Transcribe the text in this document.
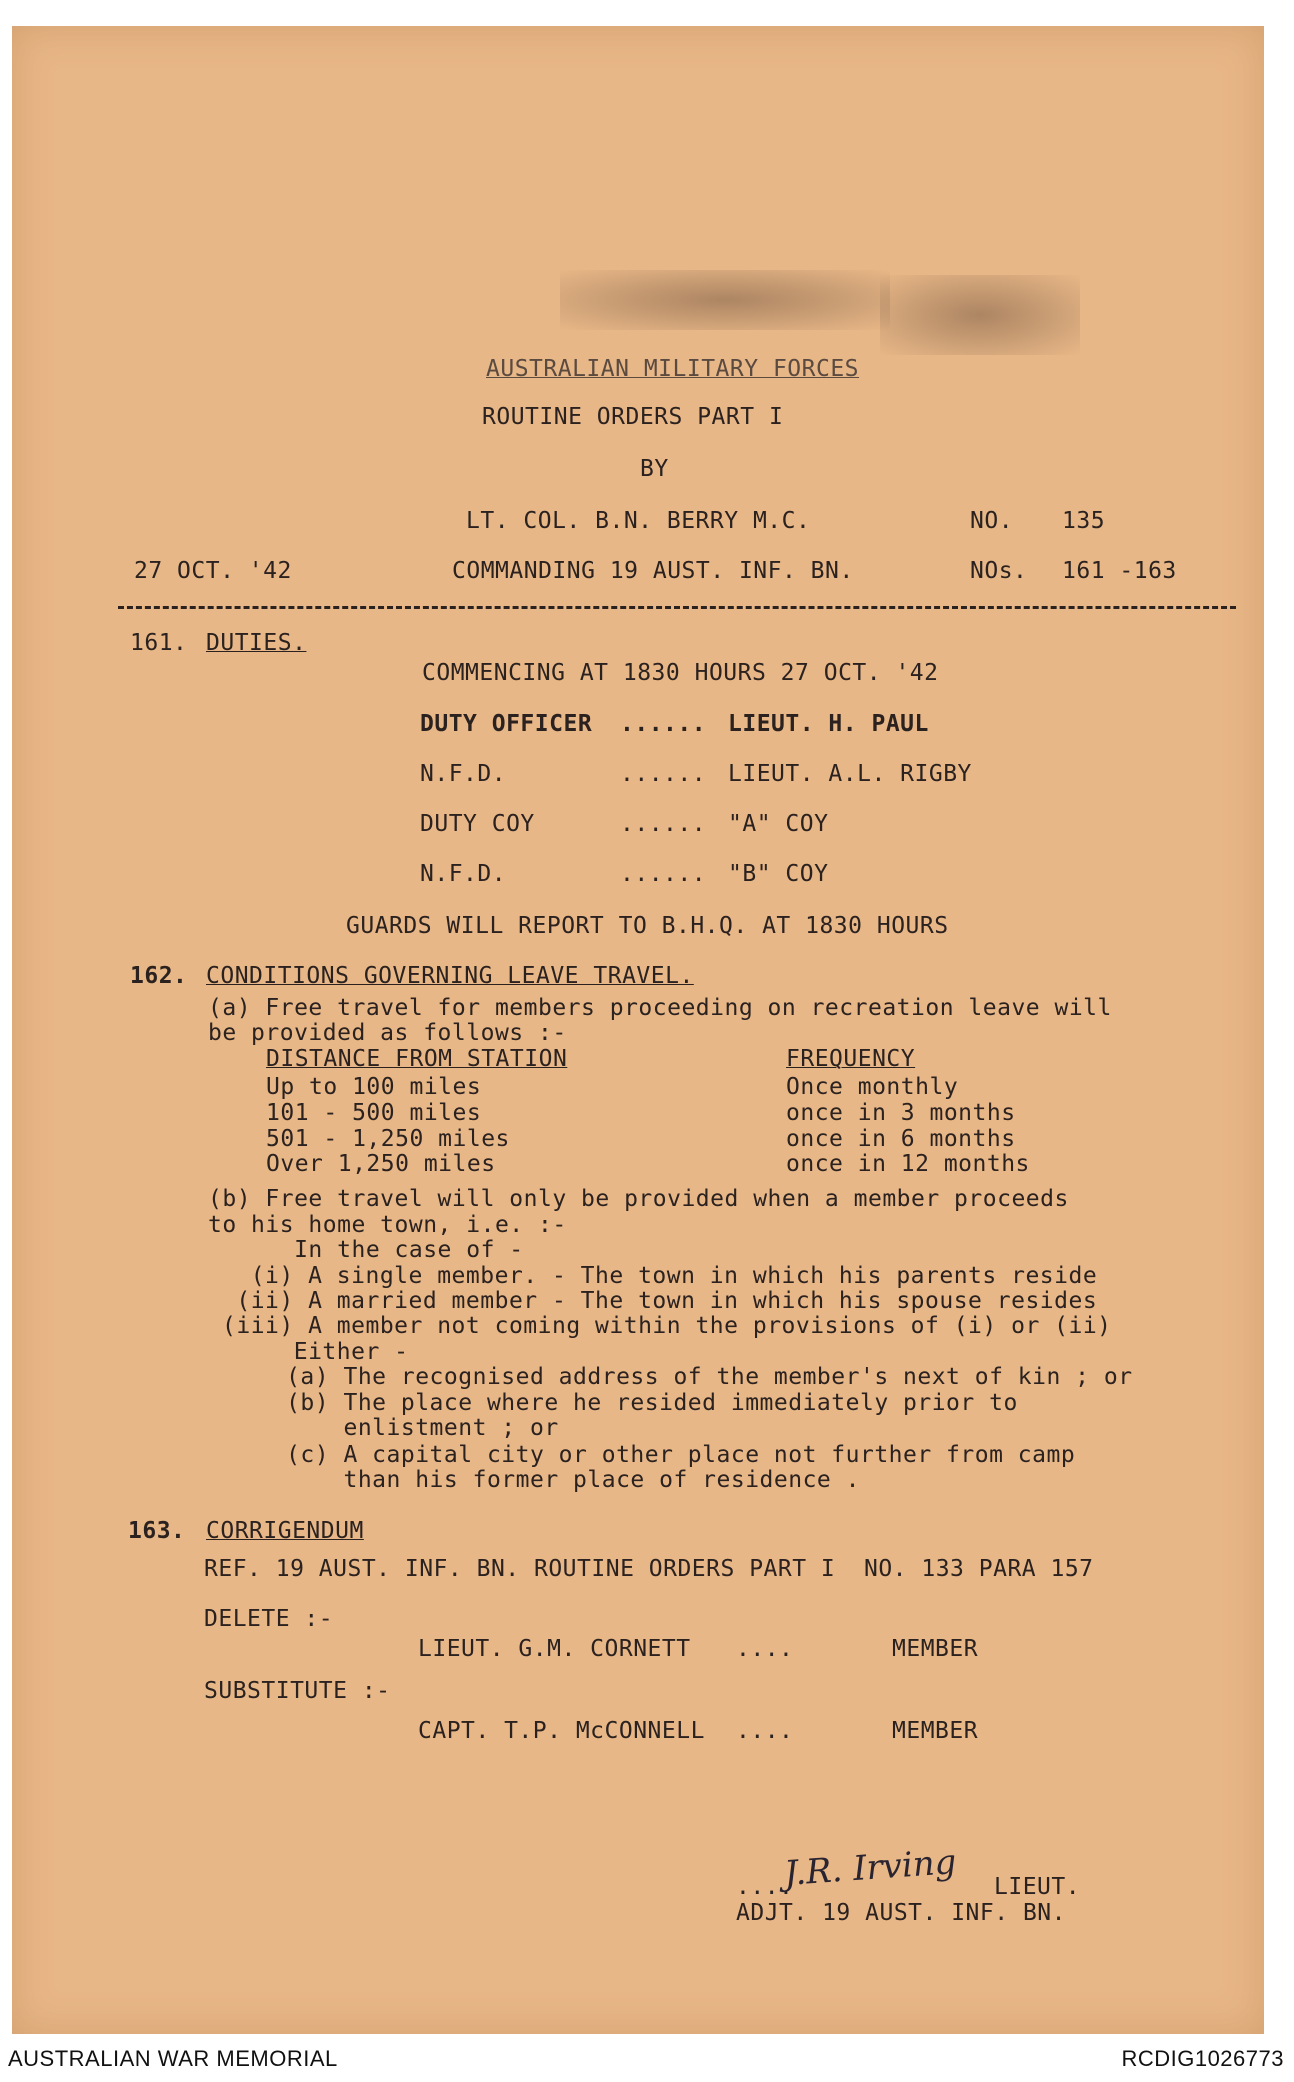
AUSTRALIAN MILITARY FORCES
ROUTINE ORDERS PART I
BY
LT. COL. B.N. BERRY M.C.	NO. 135
27 OCT. '42	COMMANDING 19 AUST. INF. BN.	NOs. 161 -163
161. DUTIES.
COMMENCING AT 1830 HOURS 27 OCT. '42
DUTY OFFICER ...... LIEUT. H. PAUL
N.F.D.	...... LIEUT. A.L. RIGBY
DUTY COY	...... "A" COY
N.F.D.	...... "B" COY
GUARDS WILL REPORT TO B.H.Q. AT 1830 HOURS
162. CONDITIONS GOVERNING LEAVE TRAVEL.
(a) Free travel for members proceeding on recreation leave will
be provided as follows :-
DISTANCE FROM STATION	FREQUENCY
Up to 100 miles	Once monthly
101 - 500 miles	once in 3 months
501 - 1,250 miles	once in 6 months
Over 1,250 miles	once in 12 months
(b) Free travel will only be provided when a member proceeds
to his home town, i.e. :-
In the case of -
(i) A single member. - The town in which his parents reside
(ii) A married member - The town in which his spouse resides
(iii) A member not coming within the provisions of (i) or (ii)
Either -
(a) The recognised address of the member's next of kin ; or
(b) The place where he resided immediately prior to
enlistment ; or
(c) A capital city or other place not further from camp
than his former place of residence .
163. CORRIGENDUM
REF. 19 AUST. INF. BN. ROUTINE ORDERS PART I  NO. 133 PARA 157
DELETE :-
LIEUT. G.M. CORNETT ....	MEMBER
SUBSTITUTE :-
CAPT. T.P. McCONNELL ....	MEMBER
....
J.R. Irving LIEUT.
ADJT. 19 AUST. INF. BN.
AUSTRALIAN WAR MEMORIAL	RCDIG1026773
